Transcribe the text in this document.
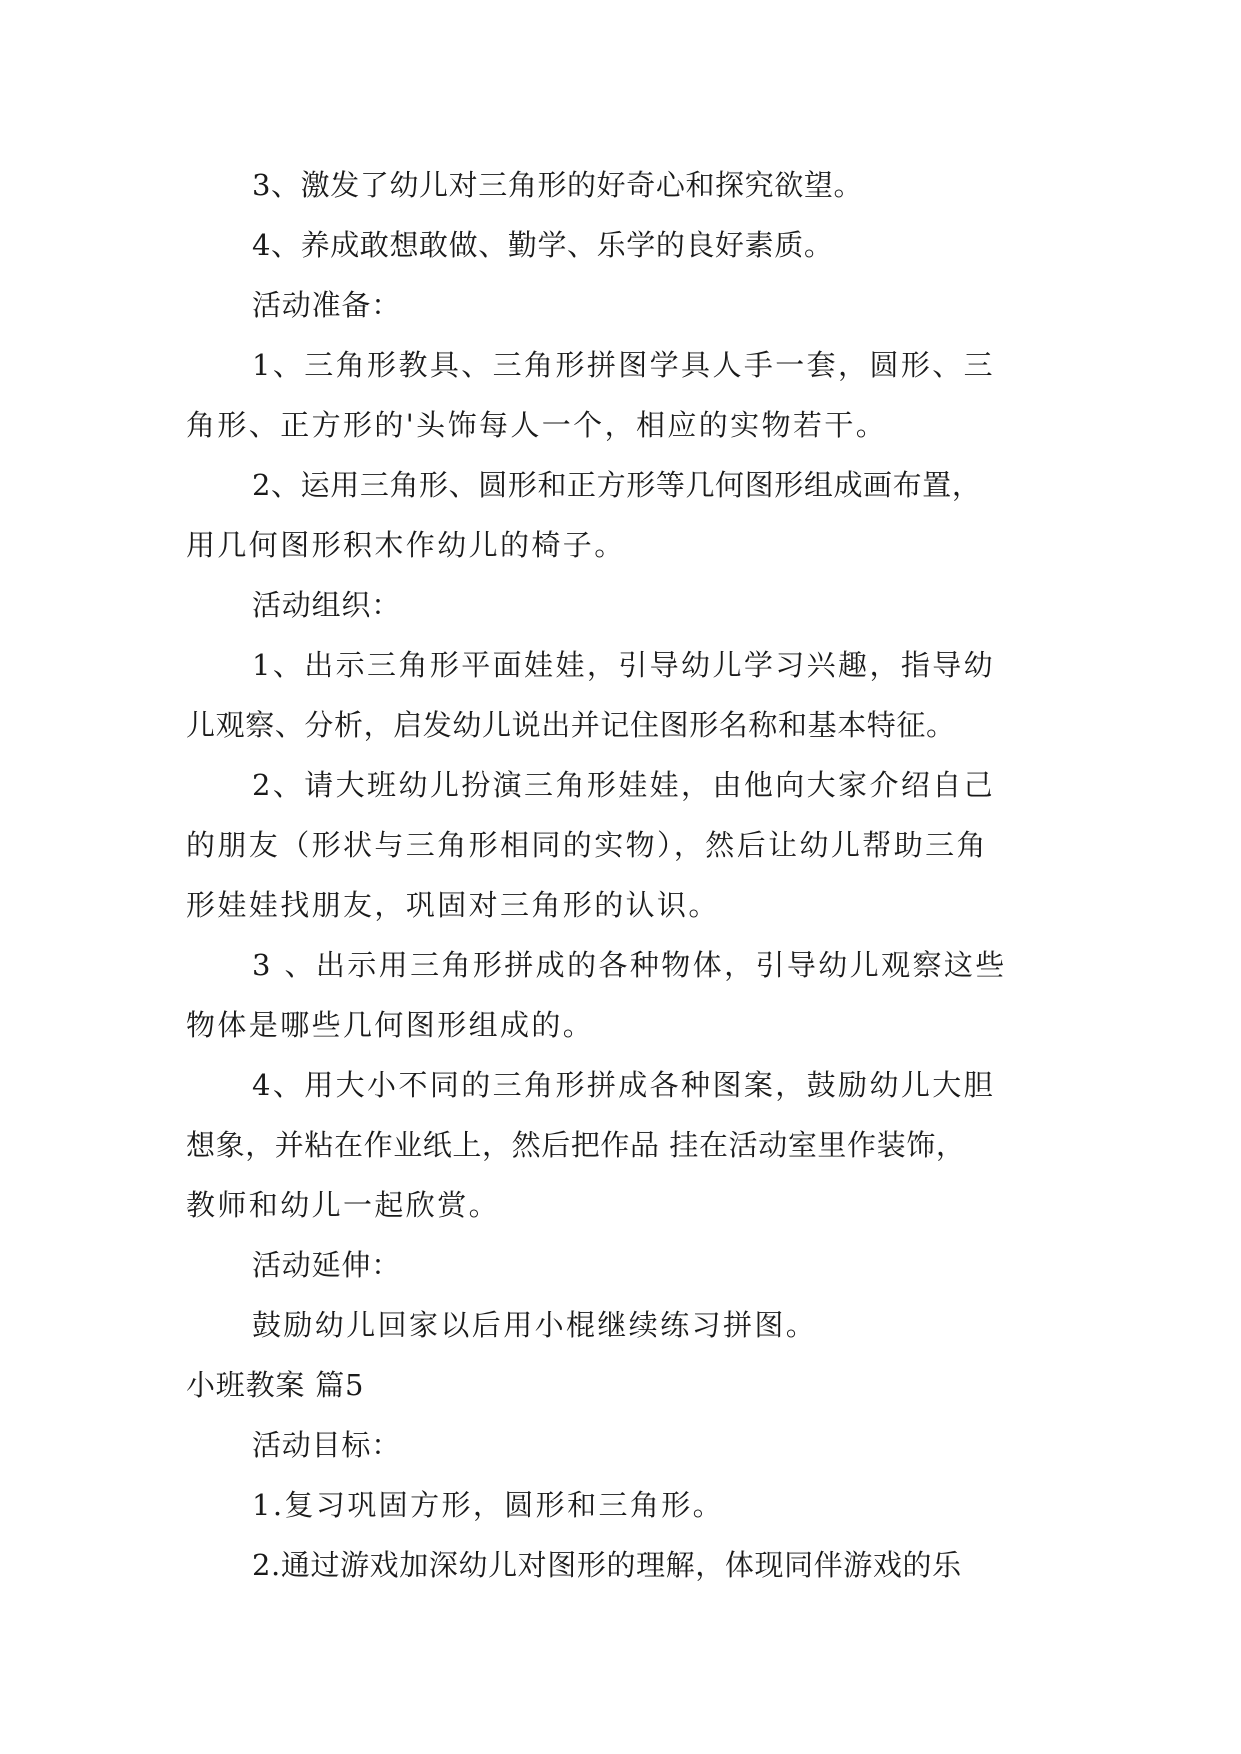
3、激发了幼儿对三角形的好奇心和探究欲望。
4、养成敢想敢做、勤学、乐学的良好素质。
活动准备：
1、三角形教具、三角形拼图学具人手一套，圆形、三
角形、正方形的'头饰每人一个，相应的实物若干。
2、运用三角形、圆形和正方形等几何图形组成画布置，
用几何图形积木作幼儿的椅子。
活动组织：
1、出示三角形平面娃娃，引导幼儿学习兴趣，指导幼
儿观察、分析，启发幼儿说出并记住图形名称和基本特征。
2、请大班幼儿扮演三角形娃娃，由他向大家介绍自己
的朋友（形状与三角形相同的实物），然后让幼儿帮助三角
形娃娃找朋友，巩固对三角形的认识。
3 、出示用三角形拼成的各种物体，引导幼儿观察这些
物体是哪些几何图形组成的。
4、用大小不同的三角形拼成各种图案，鼓励幼儿大胆
想象，并粘在作业纸上，然后把作品 挂在活动室里作装饰，
教师和幼儿一起欣赏。
活动延伸：
鼓励幼儿回家以后用小棍继续练习拼图。
小班教案 篇5
活动目标：
1.复习巩固方形，圆形和三角形。
2.通过游戏加深幼儿对图形的理解，体现同伴游戏的乐
